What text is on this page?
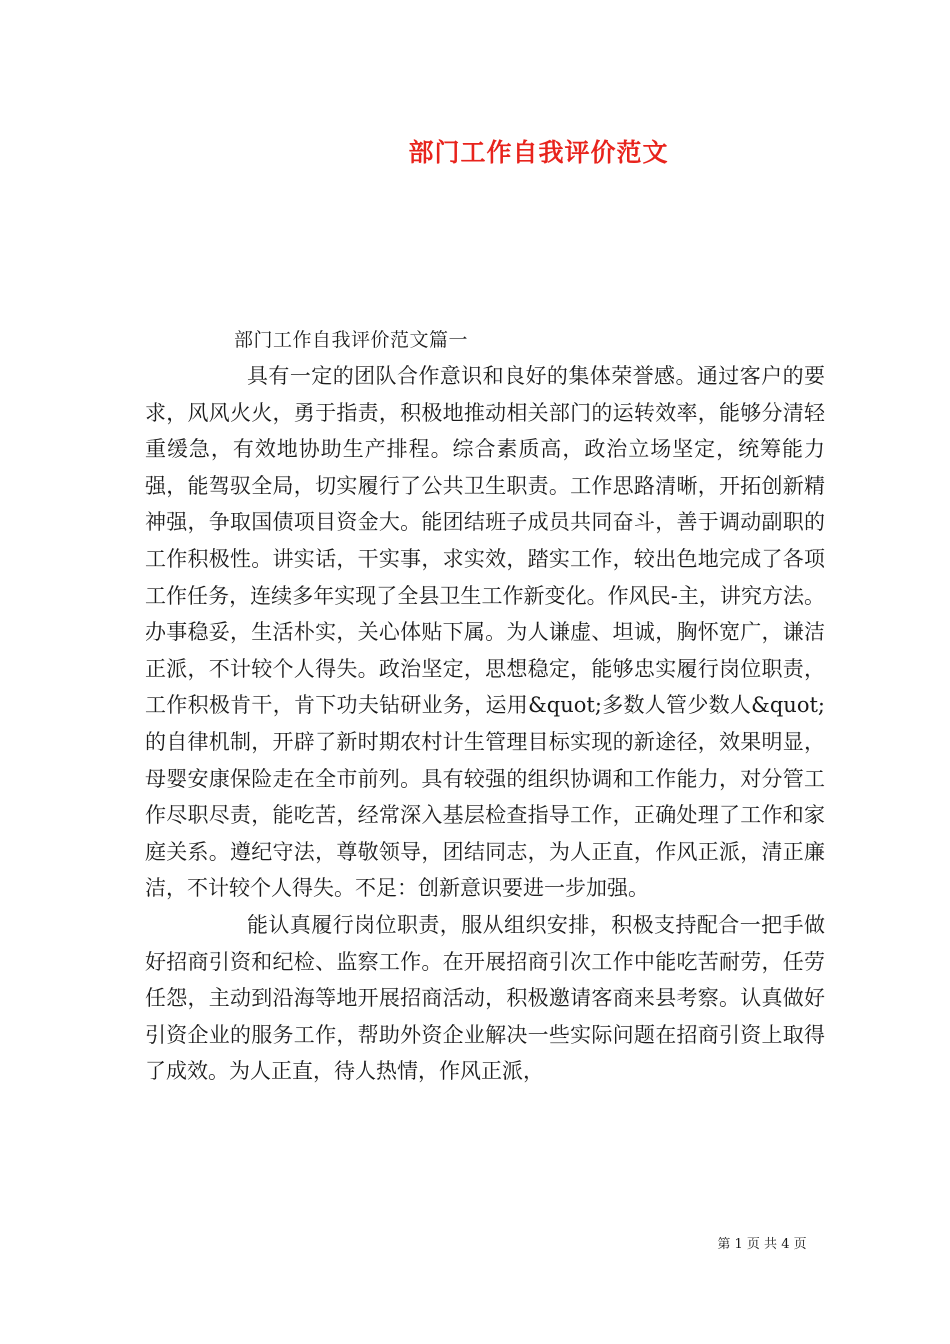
部门工作自我评价范文
部门工作自我评价范文篇一

具有一定的团队合作意识和良好的集体荣誉感。通过客户的要求，风风火火，勇于指责，积极地推动相关部门的运转效率，能够分清轻重缓急，有效地协助生产排程。综合素质高，政治立场坚定，统筹能力强，能驾驭全局，切实履行了公共卫生职责。工作思路清晰，开拓创新精神强，争取国债项目资金大。能团结班子成员共同奋斗，善于调动副职的工作积极性。讲实话，干实事，求实效，踏实工作，较出色地完成了各项工作任务，连续多年实现了全县卫生工作新变化。作风民-主，讲究方法。办事稳妥，生活朴实，关心体贴下属。为人谦虚、坦诚，胸怀宽广，谦洁正派，不计较个人得失。政治坚定，思想稳定，能够忠实履行岗位职责，工作积极肯干，肯下功夫钻研业务，运用&quot;多数人管少数人&quot;的自律机制，开辟了新时期农村计生管理目标实现的新途径，效果明显，母婴安康保险走在全市前列。具有较强的组织协调和工作能力，对分管工作尽职尽责，能吃苦，经常深入基层检查指导工作，正确处理了工作和家庭关系。遵纪守法，尊敬领导，团结同志，为人正直，作风正派，清正廉洁，不计较个人得失。不足：创新意识要进一步加强。

能认真履行岗位职责，服从组织安排，积极支持配合一把手做好招商引资和纪检、监察工作。在开展招商引次工作中能吃苦耐劳，任劳任怨，主动到沿海等地开展招商活动，积极邀请客商来县考察。认真做好引资企业的服务工作，帮助外资企业解决一些实际问题在招商引资上取得了成效。为人正直，待人热情，作风正派，

第 1 页 共 4 页
